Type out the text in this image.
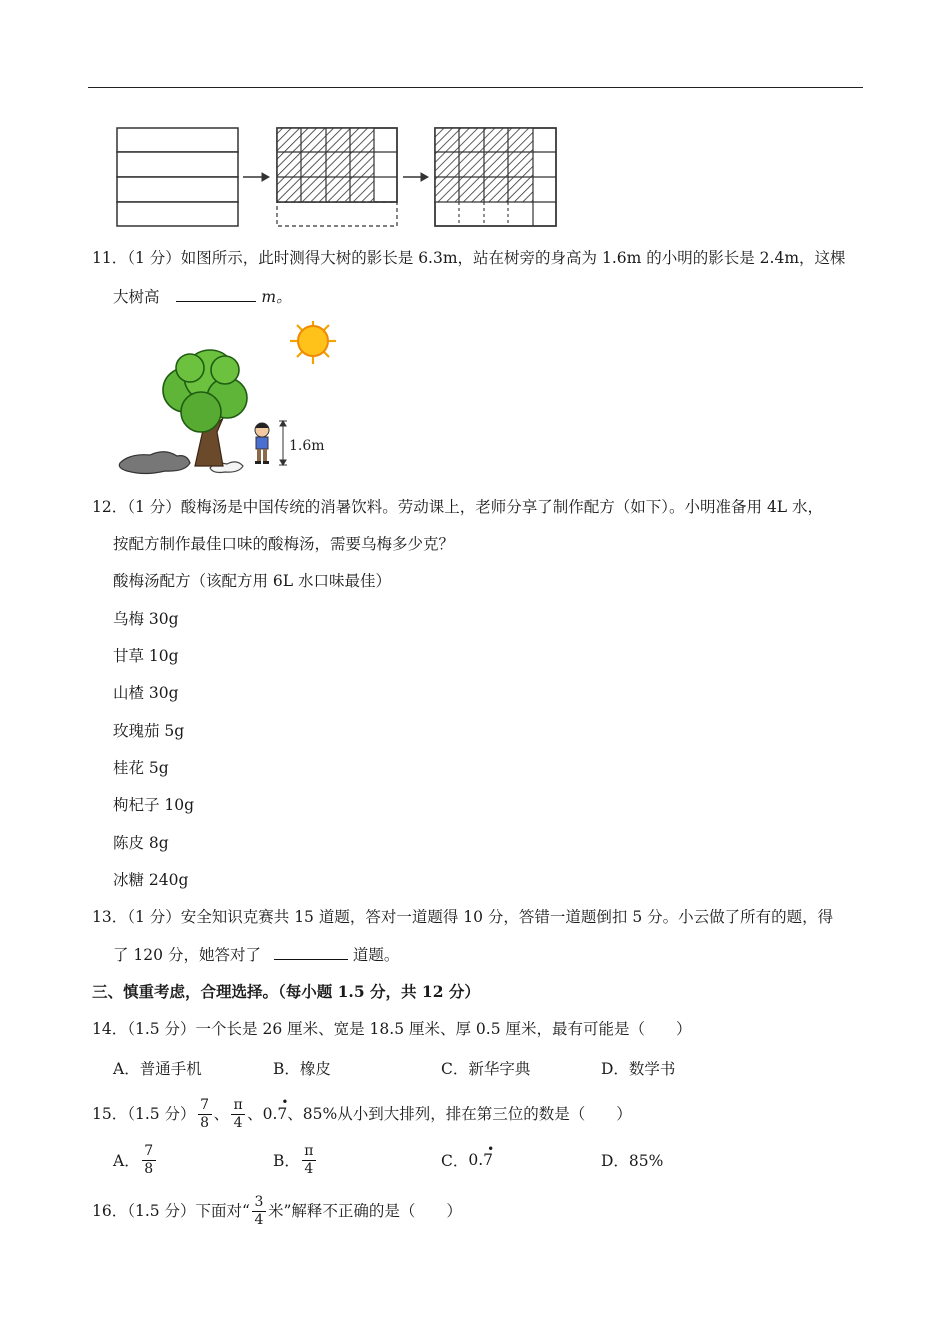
11．（1 分）如图所示，此时测得大树的影长是 6.3m，站在树旁的身高为 1.6m 的小明的影长是 2.4m，这棵
大树高	m。
1.6m
12．（1 分）酸梅汤是中国传统的消暑饮料。劳动课上，老师分享了制作配方（如下）。小明准备用 4L 水，
按配方制作最佳口味的酸梅汤，需要乌梅多少克？
酸梅汤配方（该配方用 6L 水口味最佳）
乌梅 30g
甘草 10g
山楂 30g
玫瑰茄 5g
桂花 5g
枸杞子 10g
陈皮 8g
冰糖 240g
13．（1 分）安全知识克赛共 15 道题，答对一道题得 10 分，答错一道题倒扣 5 分。小云做了所有的题，得
了 120 分，她答对了	道题。
三、慎重考虑，合理选择。（每小题 1.5 分，共 12 分）
14．（1.5 分）一个长是 26 厘米、宽是 18.5 厘米、厚 0.5 厘米，最有可能是（　　）
A．普通手机	B．橡皮	C．新华字典	D．数学书
15．（1.5 分） $\frac{7}{8}$ 、 $\frac{\pi}{4}$ 、 0.
•
7 、85%从小到大排列，排在第三位的数是（　　）
A． $\frac{7}{8}$	B． $\frac{\pi}{4}$	C． 0.
•
7	D．85%
16．（1.5 分）下面对“ $\frac{3}{4}$ 米”解释不正确的是（　　）
